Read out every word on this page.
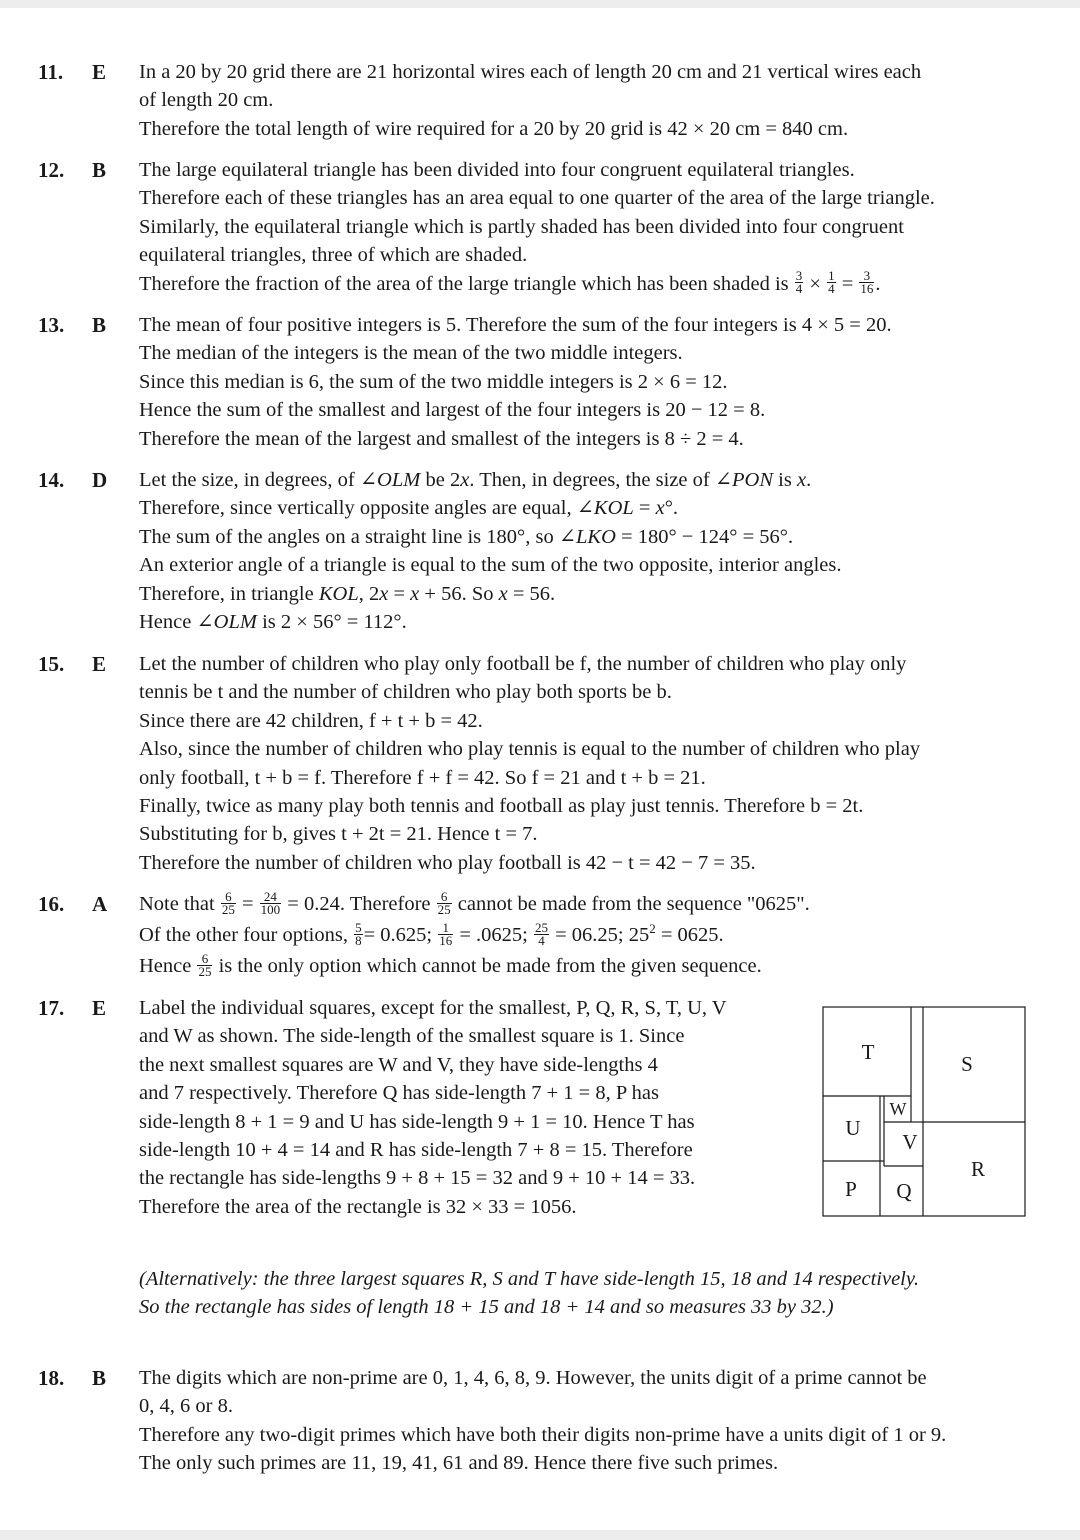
11. E In a 20 by 20 grid there are 21 horizontal wires each of length 20 cm and 21 vertical wires each
of length 20 cm.
Therefore the total length of wire required for a 20 by 20 grid is 42 × 20 cm = 840 cm.
12. B The large equilateral triangle has been divided into four congruent equilateral triangles.
Therefore each of these triangles has an area equal to one quarter of the area of the large triangle.
Similarly, the equilateral triangle which is partly shaded has been divided into four congruent
equilateral triangles, three of which are shaded.
Therefore the fraction of the area of the large triangle which has been shaded is $\frac{3}{4} \times \frac{1}{4} = \frac{3}{16}$ .
13. B The mean of four positive integers is 5. Therefore the sum of the four integers is 4 × 5 = 20.
The median of the integers is the mean of the two middle integers.
Since this median is 6, the sum of the two middle integers is 2 × 6 = 12.
Hence the sum of the smallest and largest of the four integers is 20 − 12 = 8.
Therefore the mean of the largest and smallest of the integers is 8 ÷ 2 = 4.
14. D Let the size, in degrees, of ∠OLM be 2x. Then, in degrees, the size of ∠PON is x.
Therefore, since vertically opposite angles are equal, ∠KOL = x°.
The sum of the angles on a straight line is 180°, so ∠LKO = 180° − 124° = 56°.
An exterior angle of a triangle is equal to the sum of the two opposite, interior angles.
Therefore, in triangle KOL, 2x = x + 56. So x = 56.
Hence ∠OLM is 2 × 56° = 112°.
15. E Let the number of children who play only football be f, the number of children who play only
tennis be t and the number of children who play both sports be b.
Since there are 42 children, f + t + b = 42.
Also, since the number of children who play tennis is equal to the number of children who play
only football, t + b = f. Therefore f + f = 42. So f = 21 and t + b = 21.
Finally, twice as many play both tennis and football as play just tennis. Therefore b = 2t.
Substituting for b, gives t + 2t = 21. Hence t = 7.
Therefore the number of children who play football is 42 − t = 42 − 7 = 35.
16. A Note that $\frac{6}{25} = \frac{24}{100} = 0.24$. Therefore $\frac{6}{25}$ cannot be made from the sequence "0625".
Of the other four options, $\frac{5}{8} = 0.625$; $\frac{1}{16} = .0625$; $\frac{25}{4} = 06.25$; $25^2 = 0625$.
Hence $\frac{6}{25}$ is the only option which cannot be made from the given sequence.
17. E Label the individual squares, except for the smallest, P, Q, R, S, T, U, V
and W as shown. The side-length of the smallest square is 1. Since
the next smallest squares are W and V, they have side-lengths 4
and 7 respectively. Therefore Q has side-length 7 + 1 = 8, P has
side-length 8 + 1 = 9 and U has side-length 9 + 1 = 10. Hence T has
side-length 10 + 4 = 14 and R has side-length 7 + 8 = 15. Therefore
the rectangle has side-lengths 9 + 8 + 15 = 32 and 9 + 10 + 14 = 33.
Therefore the area of the rectangle is 32 × 33 = 1056.
T	S
U
W
V
R
P Q
(Alternatively: the three largest squares R, S and T have side-length 15, 18 and 14 respectively.
So the rectangle has sides of length 18 + 15 and 18 + 14 and so measures 33 by 32.)
18. B The digits which are non-prime are 0, 1, 4, 6, 8, 9. However, the units digit of a prime cannot be
0, 4, 6 or 8.
Therefore any two-digit primes which have both their digits non-prime have a units digit of 1 or 9.
The only such primes are 11, 19, 41, 61 and 89. Hence there five such primes.
